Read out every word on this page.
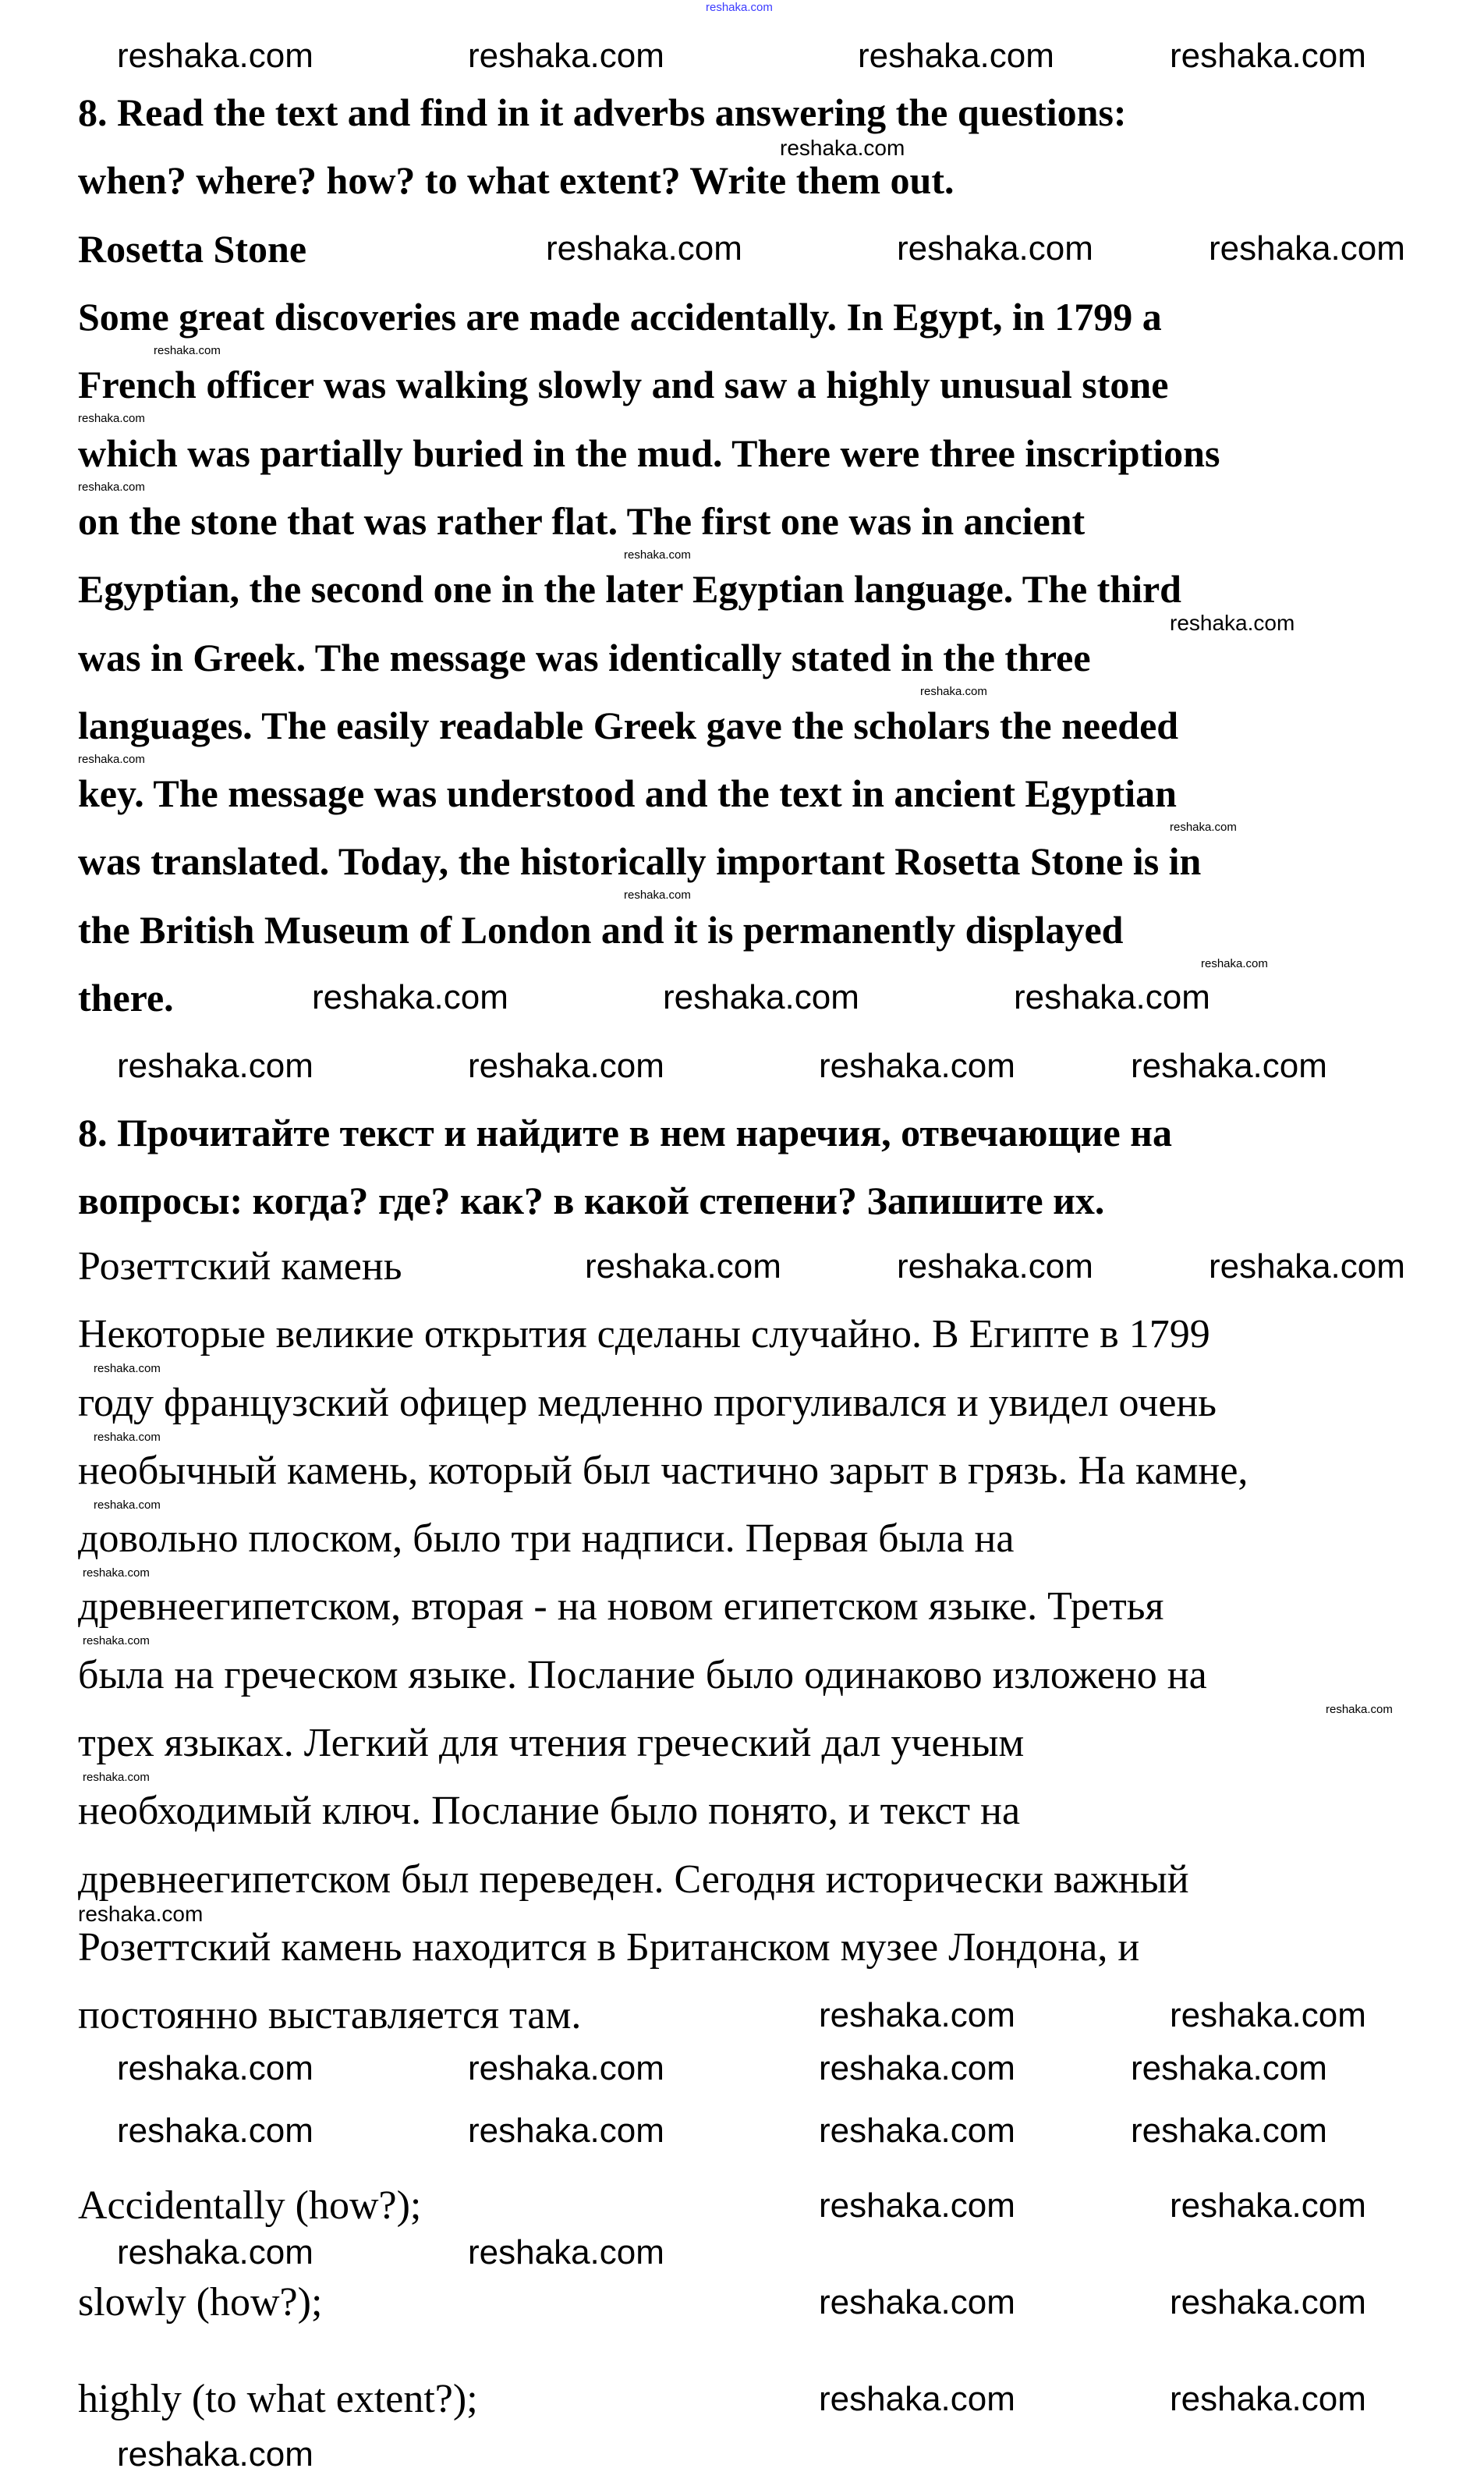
reshaka.com
8. Read the text and find in it adverbs answering the questions:
when? where? how? to what extent? Write them out.
Rosetta Stone
Some great discoveries are made accidentally. In Egypt, in 1799 a
French officer was walking slowly and saw a highly unusual stone
which was partially buried in the mud. There were three inscriptions
on the stone that was rather flat. The first one was in ancient
Egyptian, the second one in the later Egyptian language. The third
was in Greek. The message was identically stated in the three
languages. The easily readable Greek gave the scholars the needed
key. The message was understood and the text in ancient Egyptian
was translated. Today, the historically important Rosetta Stone is in
the British Museum of London and it is permanently displayed
there.
8. Прочитайте текст и найдите в нем наречия, отвечающие на
вопросы: когда? где? как? в какой степени? Запишите их.
Розеттский камень
Некоторые великие открытия сделаны случайно. В Египте в 1799
году французский офицер медленно прогуливался и увидел очень
необычный камень, который был частично зарыт в грязь. На камне,
довольно плоском, было три надписи. Первая была на
древнеегипетском, вторая - на новом египетском языке. Третья
была на греческом языке. Послание было одинаково изложено на
трех языках. Легкий для чтения греческий дал ученым
необходимый ключ. Послание было понято, и текст на
древнеегипетском был переведен. Сегодня исторически важный
Розеттский камень находится в Британском музее Лондона, и
постоянно выставляется там.
Accidentally (how?);
slowly (how?);
highly (to what extent?);
reshaka.com	reshaka.com	reshaka.com	reshaka.com
reshaka.com	reshaka.com	reshaka.com
reshaka.com	reshaka.com	reshaka.com
reshaka.com	reshaka.com	reshaka.com	reshaka.com
reshaka.com	reshaka.com	reshaka.com
reshaka.com	reshaka.com
reshaka.com	reshaka.com	reshaka.com	reshaka.com
reshaka.com	reshaka.com	reshaka.com	reshaka.com
reshaka.com	reshaka.com
reshaka.com	reshaka.com
reshaka.com	reshaka.com
reshaka.com	reshaka.com
reshaka.com
reshaka.com
reshaka.com
reshaka.com
reshaka.com
reshaka.com
reshaka.com
reshaka.com
reshaka.com
reshaka.com
reshaka.com
reshaka.com
reshaka.com
reshaka.com
reshaka.com
reshaka.com
reshaka.com
reshaka.com
reshaka.com
reshaka.com
